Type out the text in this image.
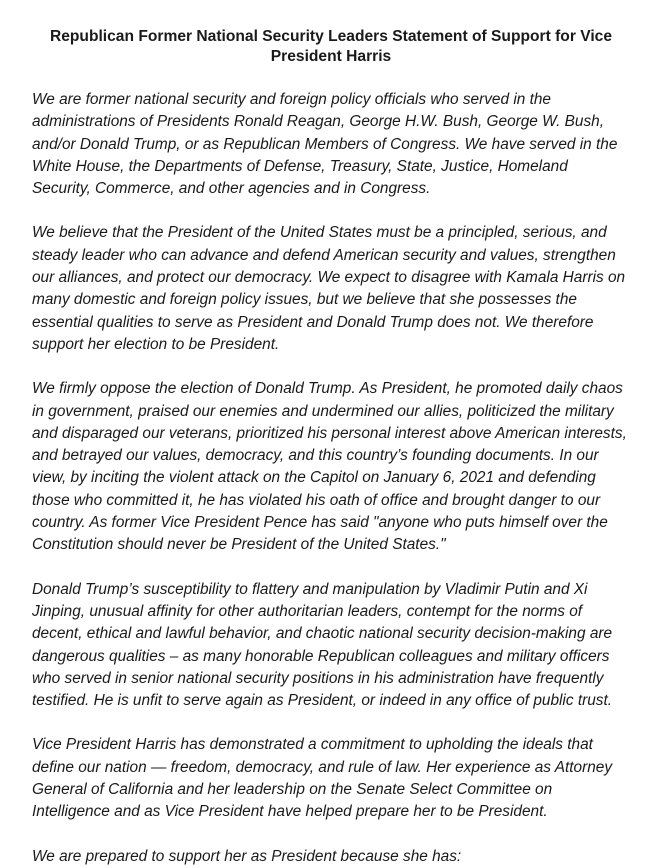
Republican Former National Security Leaders Statement of Support for Vice President Harris

We are former national security and foreign policy officials who served in the administrations of Presidents Ronald Reagan, George H.W. Bush, George W. Bush, and/or Donald Trump, or as Republican Members of Congress. We have served in the White House, the Departments of Defense, Treasury, State, Justice, Homeland Security, Commerce, and other agencies and in Congress.

We believe that the President of the United States must be a principled, serious, and steady leader who can advance and defend American security and values, strengthen our alliances, and protect our democracy. We expect to disagree with Kamala Harris on many domestic and foreign policy issues, but we believe that she possesses the essential qualities to serve as President and Donald Trump does not. We therefore support her election to be President.

We firmly oppose the election of Donald Trump. As President, he promoted daily chaos in government, praised our enemies and undermined our allies, politicized the military and disparaged our veterans, prioritized his personal interest above American interests, and betrayed our values, democracy, and this country’s founding documents. In our view, by inciting the violent attack on the Capitol on January 6, 2021 and defending those who committed it, he has violated his oath of office and brought danger to our country. As former Vice President Pence has said "anyone who puts himself over the Constitution should never be President of the United States."

Donald Trump’s susceptibility to flattery and manipulation by Vladimir Putin and Xi Jinping, unusual affinity for other authoritarian leaders, contempt for the norms of decent, ethical and lawful behavior, and chaotic national security decision-making are dangerous qualities – as many honorable Republican colleagues and military officers who served in senior national security positions in his administration have frequently testified. He is unfit to serve again as President, or indeed in any office of public trust.

Vice President Harris has demonstrated a commitment to upholding the ideals that define our nation — freedom, democracy, and rule of law. Her experience as Attorney General of California and her leadership on the Senate Select Committee on Intelligence and as Vice President have helped prepare her to be President.

We are prepared to support her as President because she has:
